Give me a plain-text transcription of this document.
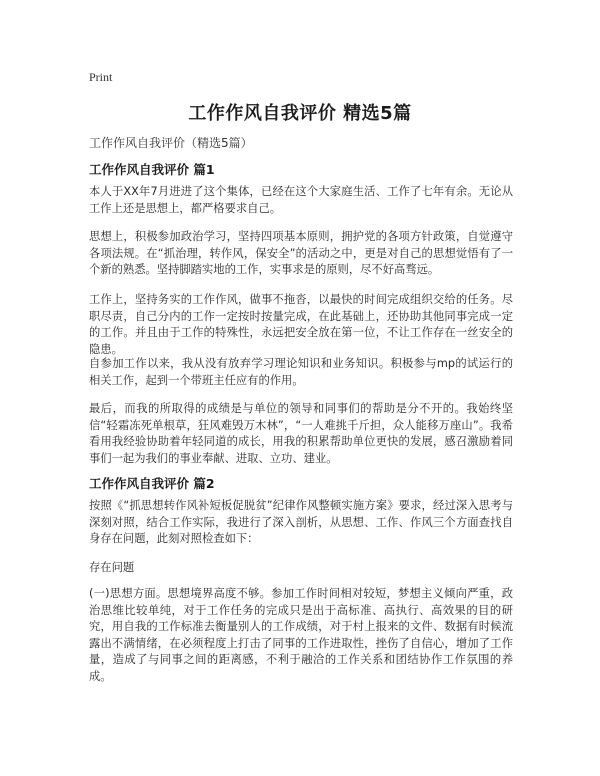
Print
工作作风自我评价 精选5篇
工作作风自我评价（精选5篇）
工作作风自我评价 篇1

本人于XX年7月进进了这个集体，已经在这个大家庭生活、工作了七年有余。无论从工作上还是思想上，都严格要求自己。

思想上，积极参加政治学习，坚持四项基本原则，拥护党的各项方针政策，自觉遵守各项法规。在“抓治理，转作风，保安全”的活动之中，更是对自己的思想觉悟有了一个新的熟悉。坚持脚踏实地的工作，实事求是的原则，尽不好高骛远。

工作上，坚持务实的工作作风，做事不拖沓，以最快的时间完成组织交给的任务。尽职尽责，自己分内的工作一定按时按量完成，在此基础上，还协助其他同事完成一定的工作。并且由于工作的特殊性，永远把安全放在第一位，不让工作存在一丝安全的隐患。

自参加工作以来，我从没有放弃学习理论知识和业务知识。积极参与mp的试运行的相关工作，起到一个带班主任应有的作用。

最后，而我的所取得的成绩是与单位的领导和同事们的帮助是分不开的。我始终坚信“轻霜冻死单根草，狂风难毁万木林”，“一人难挑千斤担，众人能移万座山”。我希看用我经验协助着年轻同道的成长，用我的积累帮助单位更快的发展，感召激励着同事们一起为我们的事业奉献、进取、立功、建业。

工作作风自我评价 篇2

按照《“抓思想转作风补短板促脱贫”纪律作风整顿实施方案》要求，经过深入思考与深刻对照，结合工作实际，我进行了深入剖析，从思想、工作、作风三个方面查找自身存在问题，此刻对照检查如下：

存在问题

(一)思想方面。思想境界高度不够。参加工作时间相对较短，梦想主义倾向严重，政治思维比较单纯，对于工作任务的完成只是出于高标准、高执行、高效果的目的研究，用自我的工作标准去衡量别人的工作成绩，对于村上报来的文件、数据有时候流露出不满情绪，在必须程度上打击了同事的工作进取性，挫伤了自信心，增加了工作量，造成了与同事之间的距离感，不利于融洽的工作关系和团结协作工作氛围的养成。
